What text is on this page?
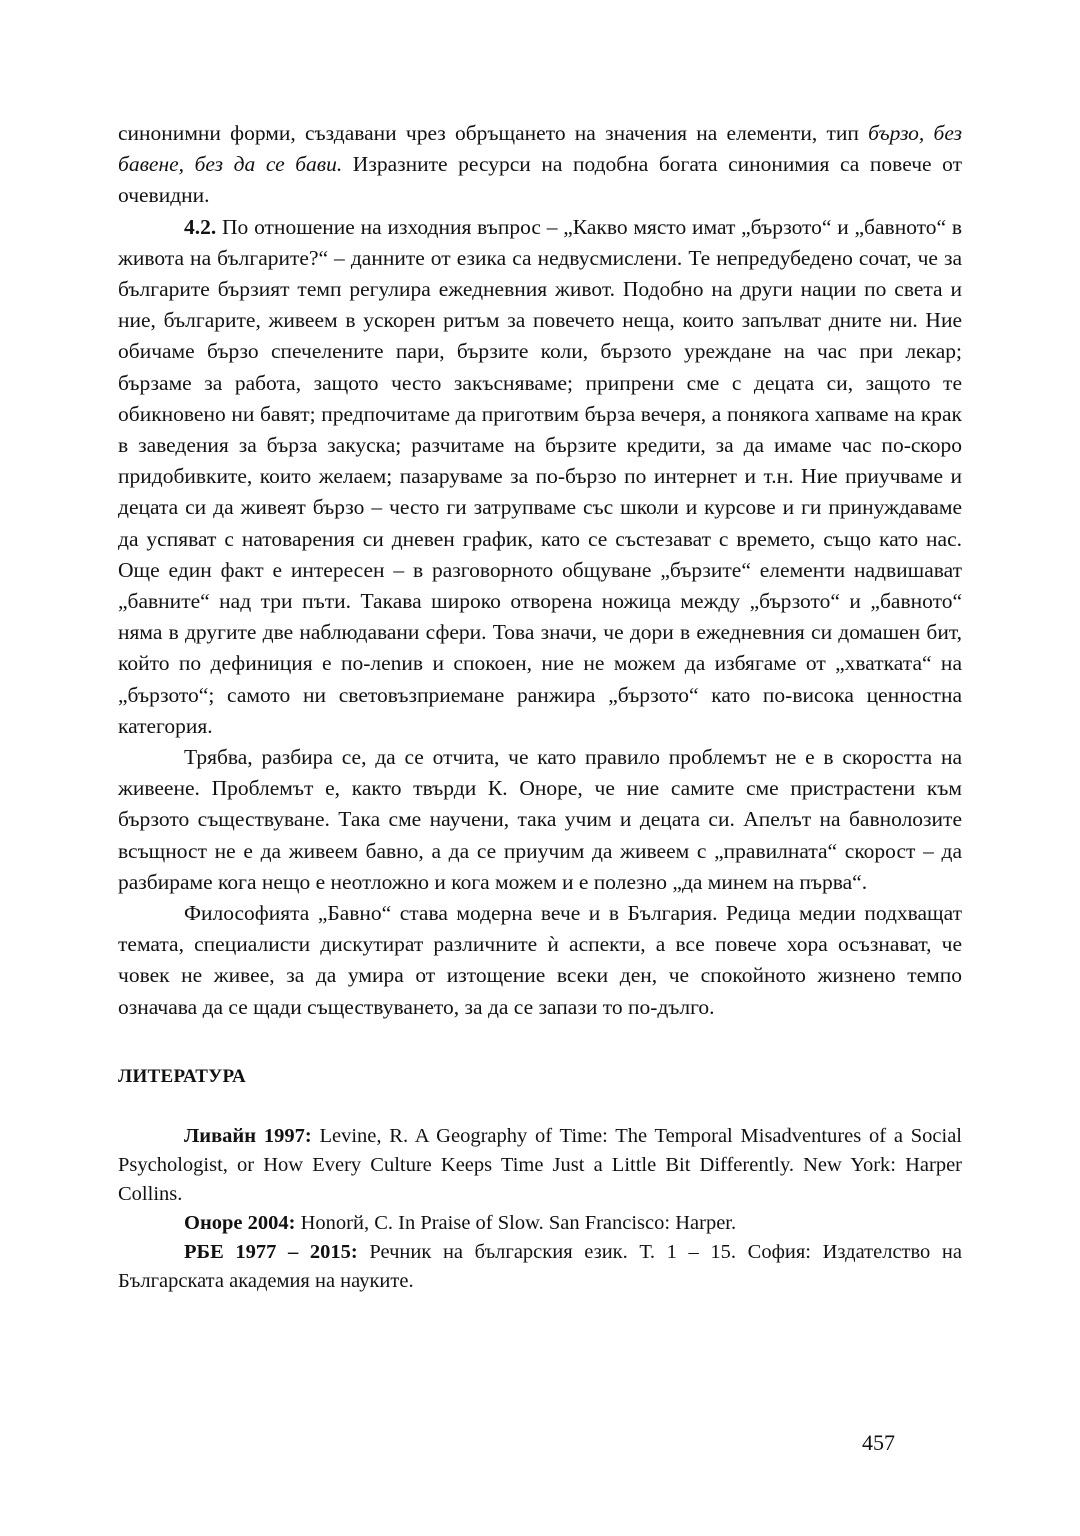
синонимни форми, създавани чрез обръщането на значения на елементи, тип бързо, без бавене, без да се бави. Изразните ресурси на подобна богата синонимия са повече от очевидни.

4.2. По отношение на изходния въпрос – „Какво място имат „бързото“ и „бавното“ в живота на българите?“ – данните от езика са недвусмислени. Те непредубедено сочат, че за българите бързият темп регулира ежедневния живот. Подобно на други нации по света и ние, българите, живеем в ускорен ритъм за повечето неща, които запълват дните ни. Ние обичаме бързо спечелените пари, бързите коли, бързото уреждане на час при лекар; бързаме за работа, защото често закъсняваме; припрени сме с децата си, защото те обикновено ни бавят; предпочитаме да приготвим бърза вечеря, а понякога хапваме на крак в заведения за бърза закуска; разчитаме на бързите кредити, за да имаме час по-скоро придобивките, които желаем; пазаруваме за по-бързо по интернет и т.н. Ние приучваме и децата си да живеят бързо – често ги затрупваме със школи и курсове и ги принуждаваме да успяват с натоварения си дневен график, като се състезават с времето, също като нас. Още един факт е интересен – в разговорното общуване „бързите“ елементи надвишават „бавните“ над три пъти. Такава широко отворена ножица между „бързото“ и „бавното“ няма в другите две наблюдавани сфери. Това значи, че дори в ежедневния си домашен бит, който по дефиниция е по-лenив и спокоен, ние не можем да избягаме от „хватката“ на „бързото“; самото ни световъзприемане ранжира „бързото“ като по-висока ценностна категория.

Трябва, разбира се, да се отчита, че като правило проблемът не е в скоростта на живеене. Проблемът е, както твърди К. Оноре, че ние самите сме пристрастени към бързото съществуване. Така сме научени, така учим и децата си. Апелът на бавнолозите всъщност не е да живеем бавно, а да се приучим да живеем с „правилната“ скорост – да разбираме кога нещо е неотложно и кога можем и е полезно „да минем на първа“.

Философията „Бавно“ става модерна вече и в България. Редица медии подхващат темата, специалисти дискутират различните ѝ аспекти, а все повече хора осъзнават, че човек не живее, за да умира от изтощение всеки ден, че спокойното жизнено темпо означава да се щади съществуването, за да се запази то по-дълго.

ЛИТЕРАТУРА

Ливайн 1997: Levine, R. A Geography of Time: The Temporal Misadventures of a Social Psychologist, or How Every Culture Keeps Time Just a Little Bit Differently. New York: Harper Collins.

Оноре 2004: Honorй, C. In Praise of Slow. San Francisco: Harper.

РБЕ 1977 – 2015: Речник на българския език. Т. 1 – 15. София: Издателство на Българската академия на науките.

457
